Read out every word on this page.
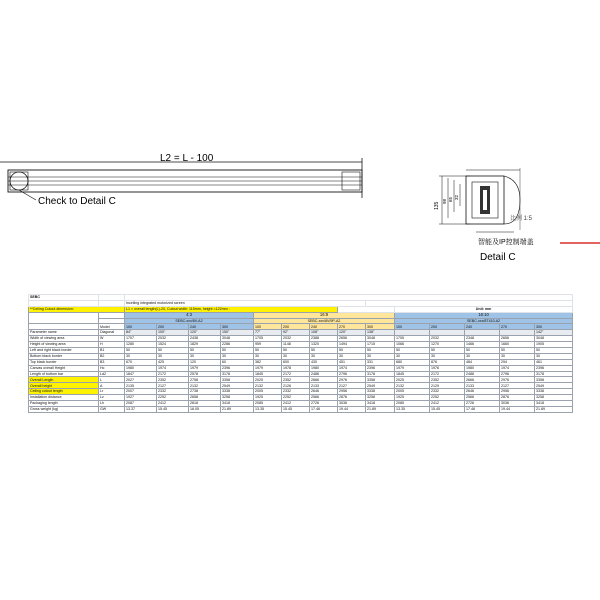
L2 = L - 100
Check to Detail C	135
98 65 32
比例 1:5
智能及IP控制端盖
Detail C
SEBC															
		Inceiling integrated motorized screen													
**Ceiling Cutout dimension:		L1 = overall length(L)-20, Cutout width: 115mm, height =122mm :									Unit: mm				
		4:3				16:9					16:10				
		SEBC-xxx/8V-A2				SEBC-xxx/8V/9P-A2					SEBC-xxx/8T410-A2				
	Model	100	200	240	300	100	200	240	270	300	100	200	240	270	300
Parameter name	Diagonal	84"	100"	120"	150"	77"	92"	108"	120"	138"					142"
Width of viewing area	W	1707	2032	2438	3048	1705	2032	2388	2656	3048	1705	2032	2348	2656	3048
Height of viewing area	H	1280	1524	1829	2286	959	1148	1320	1494	1715	1066	1270	1466	1660	1905
Left and right black border	B1	50	50	50	50	50	50	50	50	50	50	50	50	50	50
Bottom black border	B2	30	30	30	30	30	30	30	30	30	30	30	30	30	30
Top black border	B3	670	425	120	60	382	600	430	451	331	680	876	484	294	461
Canvas overall Height	Hc	1980	1974	1979	2396	1979	1978	1980	1974	2396	1979	1976	1980	1974	2396
Length of bottom bar	Ld2	1847	2172	2578	3178	1845	2172	2486	2796	3178	1845	2172	2486	2796	3178
Overall Length	L	2027	2352	2758	3358	2025	2352	2666	2976	3358	2025	2352	2666	2976	3358
Overall height	A	2135	2127	2132	2549	2132	2126	2133	2127	2549	2132	2129	2133	2127	2549
Ceiling cutout length	Lr	2007	2332	2738	3338	2005	2332	2646	2956	3338	2005	2332	2646	2956	3338
Installation distance	Lz	1927	2252	2658	3258	1925	2252	2566	2876	3258	1925	2252	2566	2876	3258
Packaging length	Lh	2087	2412	2818	3418	2085	2412	2726	3036	3418	2085	2412	2726	3036	3418
Gross weight (kg)	GW	13.37	15.45	16.05	21.89	13.35	15.45	17.46	19.44	21.89	13.35	15.45	17.46	19.44	21.89
